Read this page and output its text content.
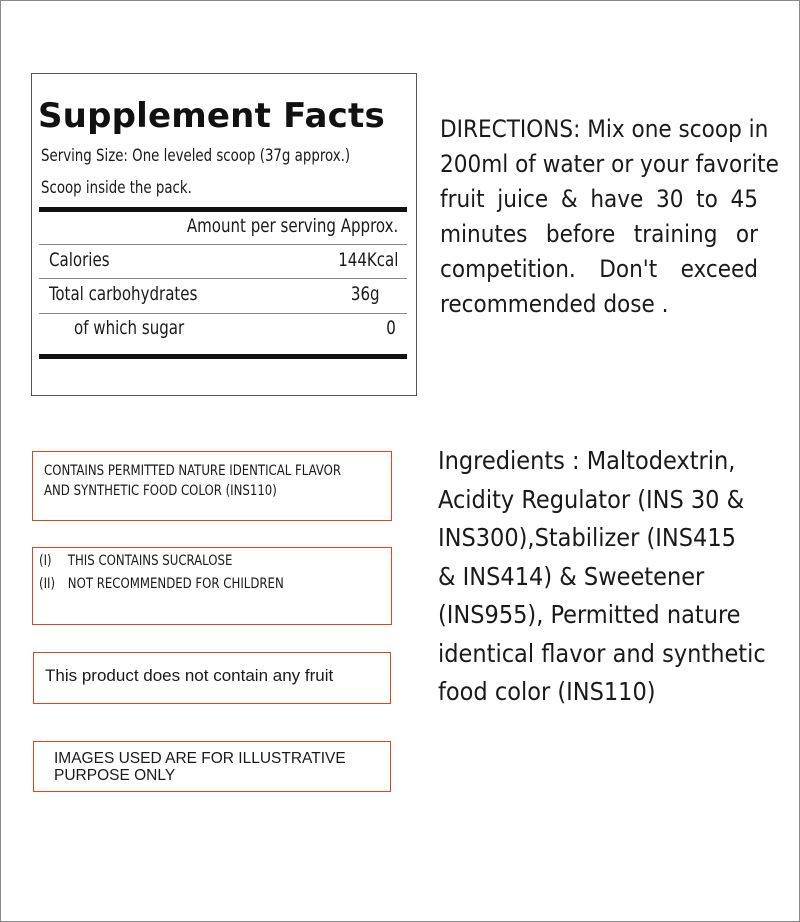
Supplement Facts
Serving Size: One leveled scoop (37g approx.)
Scoop inside the pack.
Amount per serving Approx.
Calories	144Kcal
Total carbohydrates	36g
of which sugar	0
DIRECTIONS: Mix one scoop in
200ml of water or your favorite
fruit juice & have 30 to 45
minutes before training or
competition. Don't exceed
recommended dose .
Ingredients : Maltodextrin,
Acidity Regulator (INS 30 &
INS300),Stabilizer (INS415
& INS414) & Sweetener
(INS955), Permitted nature
identical flavor and synthetic
food color (INS110)
CONTAINS PERMITTED NATURE IDENTICAL FLAVOR
AND SYNTHETIC FOOD COLOR (INS110)
(I) THIS CONTAINS SUCRALOSE
(II) NOT RECOMMENDED FOR CHILDREN
This product does not contain any fruit
IMAGES USED ARE FOR ILLUSTRATIVE
PURPOSE ONLY
